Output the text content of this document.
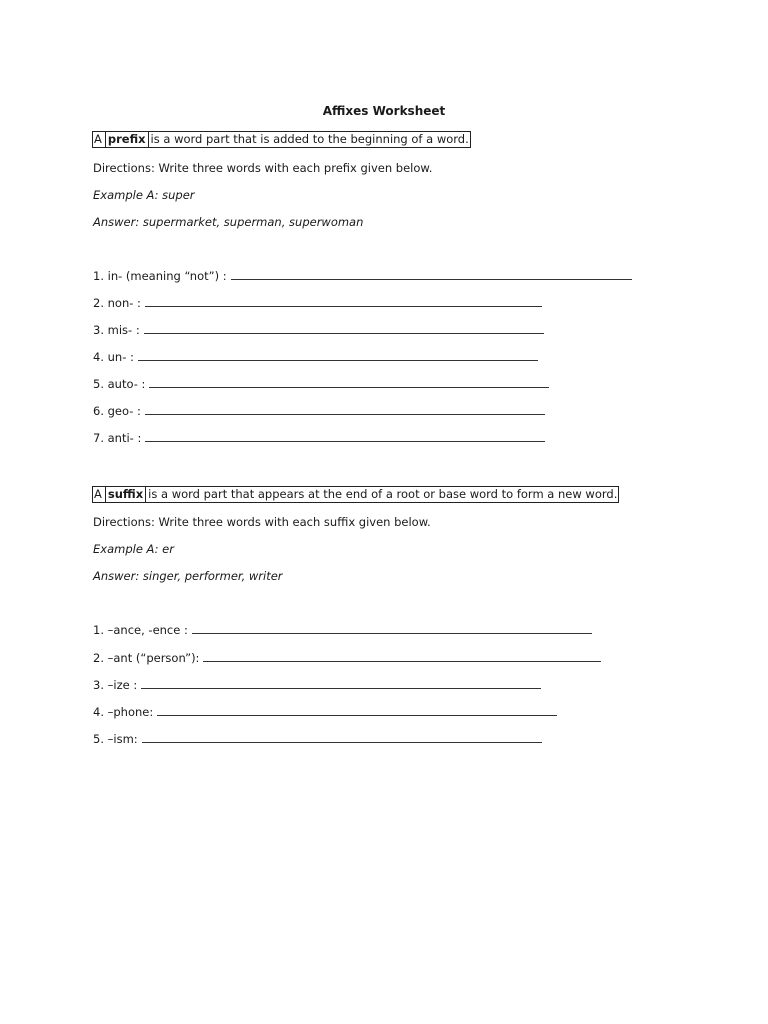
Affixes Worksheet
A prefix is a word part that is added to the beginning of a word.
Directions: Write three words with each prefix given below.
Example A: super
Answer: supermarket, superman, superwoman
1. in- (meaning “not”) :
2. non- :
3. mis- :
4. un- :
5. auto- :
6. geo- :
7. anti- :
A suffix is a word part that appears at the end of a root or base word to form a new word.
Directions: Write three words with each suffix given below.
Example A: er
Answer: singer, performer, writer
1. –ance, -ence :
2. –ant (“person”):
3. –ize :
4. –phone:
5. –ism:
